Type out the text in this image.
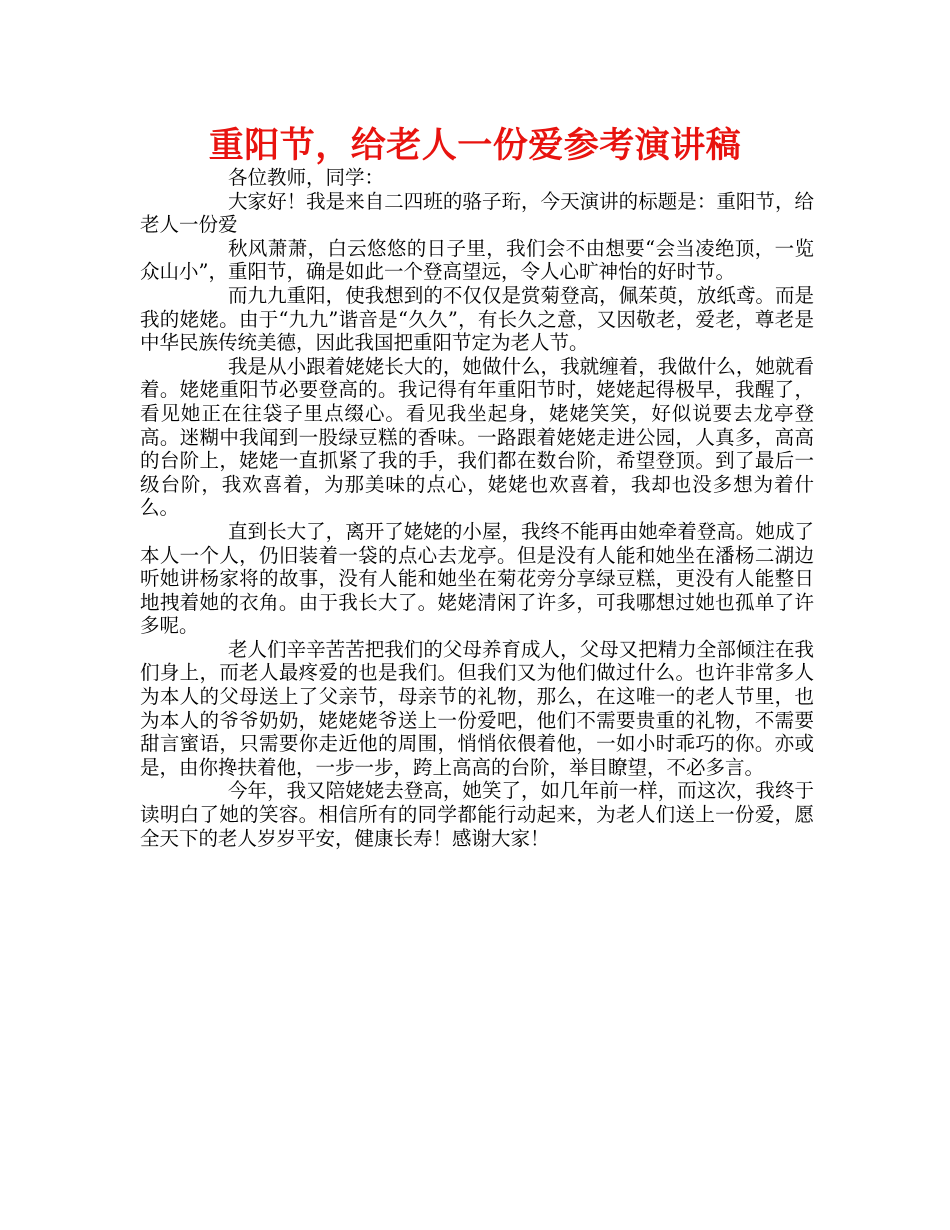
重阳节，给老人一份爱参考演讲稿

各位教师，同学：

大家好！我是来自二四班的骆子珩，今天演讲的标题是：重阳节，给老人一份爱

秋风萧萧，白云悠悠的日子里，我们会不由想要“会当凌绝顶，一览众山小”，重阳节，确是如此一个登高望远，令人心旷神怡的好时节。

而九九重阳，使我想到的不仅仅是赏菊登高，佩茱萸，放纸鸢。而是我的姥姥。由于“九九”谐音是“久久”，有长久之意，又因敬老，爱老，尊老是中华民族传统美德，因此我国把重阳节定为老人节。

我是从小跟着姥姥长大的，她做什么，我就缠着，我做什么，她就看着。姥姥重阳节必要登高的。我记得有年重阳节时，姥姥起得极早，我醒了，看见她正在往袋子里点缀心。看见我坐起身，姥姥笑笑，好似说要去龙亭登高。迷糊中我闻到一股绿豆糕的香味。一路跟着姥姥走进公园，人真多，高高的台阶上，姥姥一直抓紧了我的手，我们都在数台阶，希望登顶。到了最后一级台阶，我欢喜着，为那美味的点心，姥姥也欢喜着，我却也没多想为着什么。

直到长大了，离开了姥姥的小屋，我终不能再由她牵着登高。她成了本人一个人，仍旧装着一袋的点心去龙亭。但是没有人能和她坐在潘杨二湖边听她讲杨家将的故事，没有人能和她坐在菊花旁分享绿豆糕，更没有人能整日地拽着她的衣角。由于我长大了。姥姥清闲了许多，可我哪想过她也孤单了许多呢。

老人们辛辛苦苦把我们的父母养育成人，父母又把精力全部倾注在我们身上，而老人最疼爱的也是我们。但我们又为他们做过什么。也许非常多人为本人的父母送上了父亲节，母亲节的礼物，那么，在这唯一的老人节里，也为本人的爷爷奶奶，姥姥姥爷送上一份爱吧，他们不需要贵重的礼物，不需要甜言蜜语，只需要你走近他的周围，悄悄依偎着他，一如小时乖巧的你。亦或是，由你搀扶着他，一步一步，跨上高高的台阶，举目瞭望，不必多言。

今年，我又陪姥姥去登高，她笑了，如几年前一样，而这次，我终于读明白了她的笑容。相信所有的同学都能行动起来，为老人们送上一份爱，愿全天下的老人岁岁平安，健康长寿！感谢大家！
